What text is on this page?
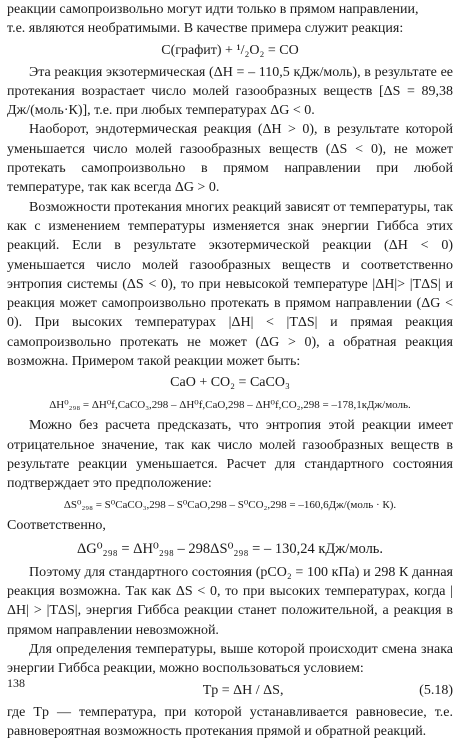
реакции самопроизвольно могут идти только в прямом направлении,

т.е. являются необратимыми. В качестве примера служит реакция:

C(графит) + ¹/₂O₂ = CO

Эта реакция экзотермическая (ΔH = – 110,5 кДж/моль), в результате ее протекания возрастает число молей газообразных веществ [ΔS = 89,38 Дж/(моль·К)], т.е. при любых температурах ΔG < 0.

Наоборот, эндотермическая реакция (ΔH > 0), в результате которой уменьшается число молей газообразных веществ (ΔS < 0), не может протекать самопроизвольно в прямом направлении при любой температуре, так как всегда ΔG > 0.

Возможности протекания многих реакций зависят от температуры, так как с изменением температуры изменяется знак энергии Гиббса этих реакций. Если в результате экзотермической реакции (ΔH < 0) уменьшается число молей газообразных веществ и соответственно энтропия системы (ΔS < 0), то при невысокой температуре |ΔH|> |TΔS| и реакция может самопроизвольно протекать в прямом направлении (ΔG < 0). При высоких температурах |ΔH| < |TΔS| и прямая реакция самопроизвольно протекать не может (ΔG > 0), а обратная реакция возможна. Примером такой реакции может быть:

CaO + CO₂ = CaCO₃
ΔH⁰₂₉₈ = ΔH⁰f,CaCO₃,298 – ΔH⁰f,CaO,298 – ΔH⁰f,CO₂,298 = –178,1кДж/моль.

Можно без расчета предсказать, что энтропия этой реакции имеет отрицательное значение, так как число молей газообразных веществ в результате реакции уменьшается. Расчет для стандартного состояния подтверждает это предположение:

ΔS⁰₂₉₈ = S⁰CaCO₃,298 – S⁰CaO,298 – S⁰CO₂,298 = –160,6Дж/(моль · К).

Соответственно,

ΔG⁰₂₉₈ = ΔH⁰₂₉₈ – 298ΔS⁰₂₉₈ = – 130,24 кДж/моль.

Поэтому для стандартного состояния (pCO₂ = 100 кПа) и 298 К данная реакция возможна. Так как ΔS < 0, то при высоких температурах, когда |ΔH| > |TΔS|, энергия Гиббса реакции станет положительной, а реакция в прямом направлении невозможной.

Для определения температуры, выше которой происходит смена знака энергии Гиббса реакции, можно воспользоваться условием:

Tр = ΔH / ΔS,	(5.18)

где Tр — температура, при которой устанавливается равновесие, т.е. равновероятная возможность протекания прямой и обратной реакций.

138
